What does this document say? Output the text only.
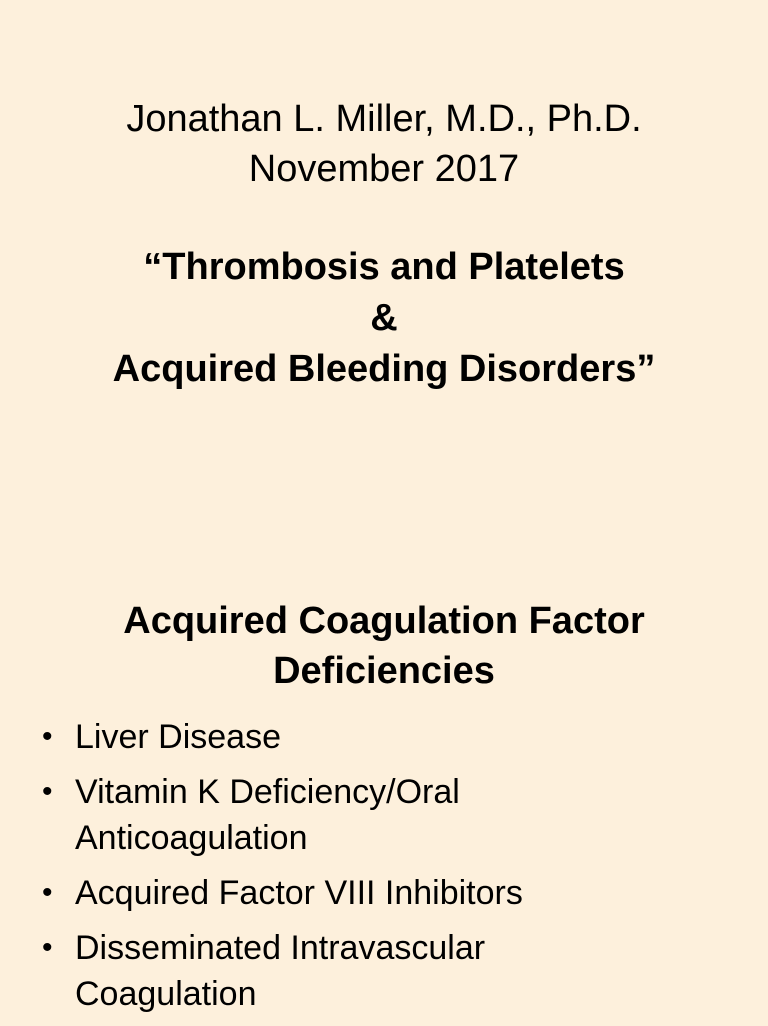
Jonathan L. Miller, M.D., Ph.D.

November 2017

“Thrombosis and Platelets
&
Acquired Bleeding Disorders”
Acquired Coagulation Factor
Deficiencies
• Liver Disease
• Vitamin K Deficiency/Oral
Anticoagulation
• Acquired Factor VIII Inhibitors
• Disseminated Intravascular
Coagulation
